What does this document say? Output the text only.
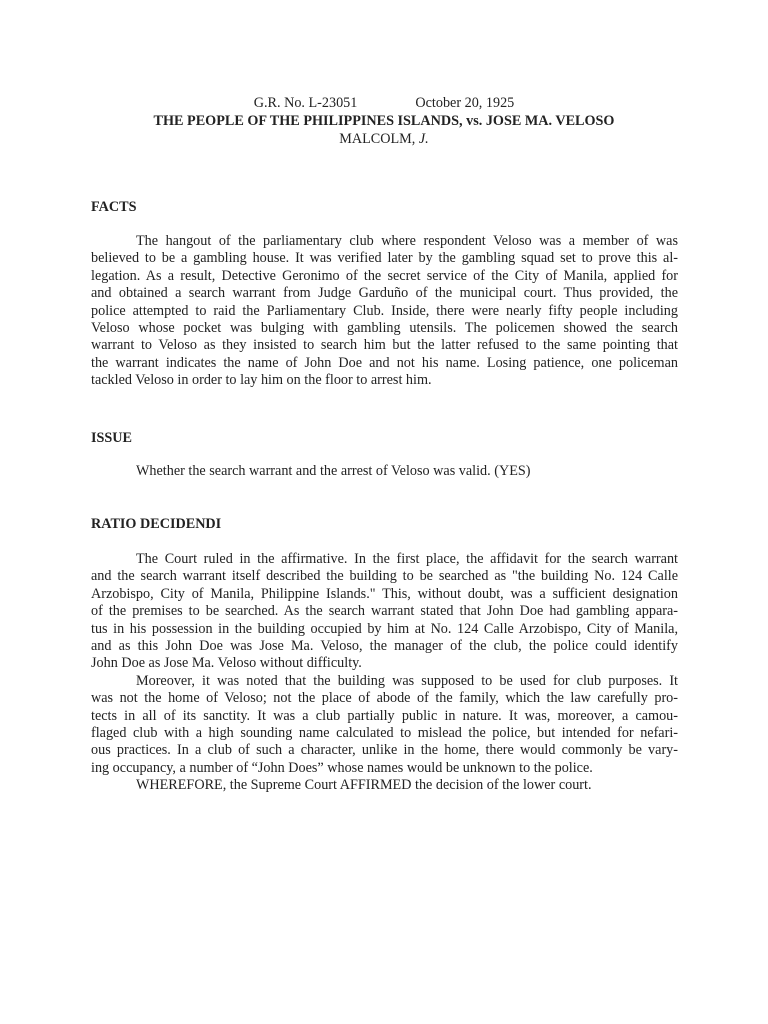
G.R. No. L-23051	October 20, 1925
THE PEOPLE OF THE PHILIPPINES ISLANDS, vs. JOSE MA. VELOSO
MALCOLM, J.
FACTS
The hangout of the parliamentary club where respondent Veloso was a member of was
believed to be a gambling house. It was verified later by the gambling squad set to prove this al-
legation. As a result, Detective Geronimo of the secret service of the City of Manila, applied for
and obtained a search warrant from Judge Garduño of the municipal court. Thus provided, the
police attempted to raid the Parliamentary Club. Inside, there were nearly fifty people including
Veloso whose pocket was bulging with gambling utensils. The policemen showed the search
warrant to Veloso as they insisted to search him but the latter refused to the same pointing that
the warrant indicates the name of John Doe and not his name. Losing patience, one policeman
tackled Veloso in order to lay him on the floor to arrest him.
ISSUE
Whether the search warrant and the arrest of Veloso was valid. (YES)
RATIO DECIDENDI
The Court ruled in the affirmative. In the first place, the affidavit for the search warrant
and the search warrant itself described the building to be searched as "the building No. 124 Calle
Arzobispo, City of Manila, Philippine Islands." This, without doubt, was a sufficient designation
of the premises to be searched. As the search warrant stated that John Doe had gambling appara-
tus in his possession in the building occupied by him at No. 124 Calle Arzobispo, City of Manila,
and as this John Doe was Jose Ma. Veloso, the manager of the club, the police could identify
John Doe as Jose Ma. Veloso without difficulty.
Moreover, it was noted that the building was supposed to be used for club purposes. It
was not the home of Veloso; not the place of abode of the family, which the law carefully pro-
tects in all of its sanctity. It was a club partially public in nature. It was, moreover, a camou-
flaged club with a high sounding name calculated to mislead the police, but intended for nefari-
ous practices. In a club of such a character, unlike in the home, there would commonly be vary-
ing occupancy, a number of “John Does” whose names would be unknown to the police.
WHEREFORE, the Supreme Court AFFIRMED the decision of the lower court.
